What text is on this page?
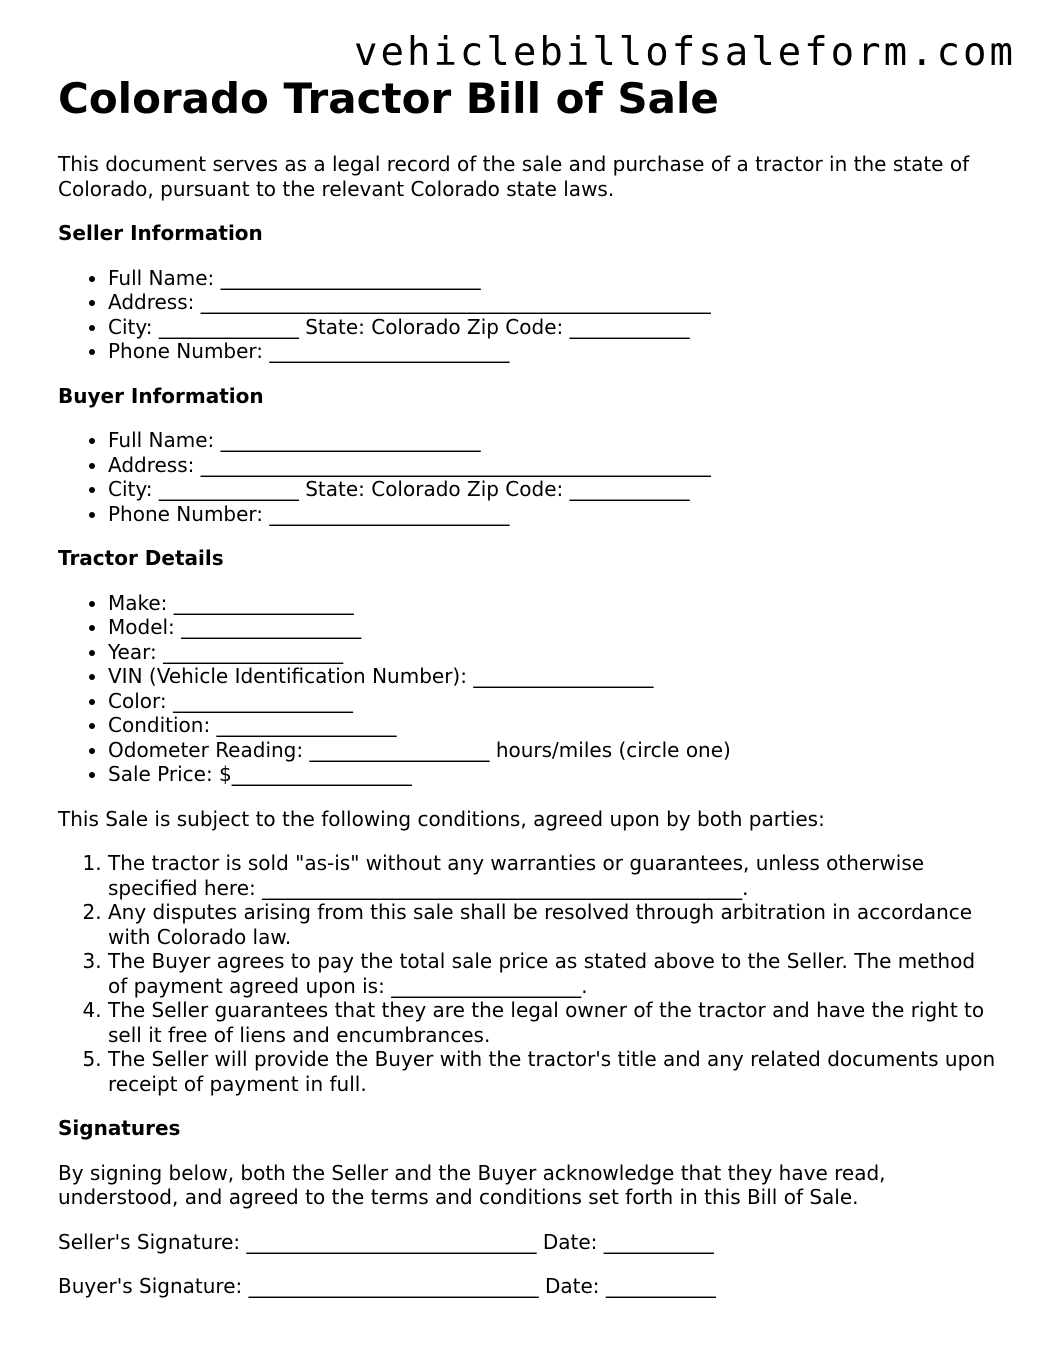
vehiclebillofsaleform.com
Colorado Tractor Bill of Sale

This document serves as a legal record of the sale and purchase of a tractor in the state of Colorado, pursuant to the relevant Colorado state laws.

Seller Information
• Full Name: __________________________
• Address: ___________________________________________________
• City: ______________ State: Colorado Zip Code: ____________
• Phone Number: ________________________
Buyer Information
• Full Name: __________________________
• Address: ___________________________________________________
• City: ______________ State: Colorado Zip Code: ____________
• Phone Number: ________________________
Tractor Details
• Make: __________________
• Model: __________________
• Year: __________________
• VIN (Vehicle Identification Number): __________________
• Color: __________________
• Condition: __________________
• Odometer Reading: __________________ hours/miles (circle one)
• Sale Price: $__________________

This Sale is subject to the following conditions, agreed upon by both parties:

1. The tractor is sold "as-is" without any warranties or guarantees, unless otherwise specified here: ________________________________________________.
2. Any disputes arising from this sale shall be resolved through arbitration in accordance with Colorado law.
3. The Buyer agrees to pay the total sale price as stated above to the Seller. The method of payment agreed upon is: ___________________.
4. The Seller guarantees that they are the legal owner of the tractor and have the right to sell it free of liens and encumbrances.
5. The Seller will provide the Buyer with the tractor's title and any related documents upon receipt of payment in full.
Signatures

By signing below, both the Seller and the Buyer acknowledge that they have read, understood, and agreed to the terms and conditions set forth in this Bill of Sale.

Seller's Signature: _____________________________ Date: ___________
Buyer's Signature: _____________________________ Date: ___________
